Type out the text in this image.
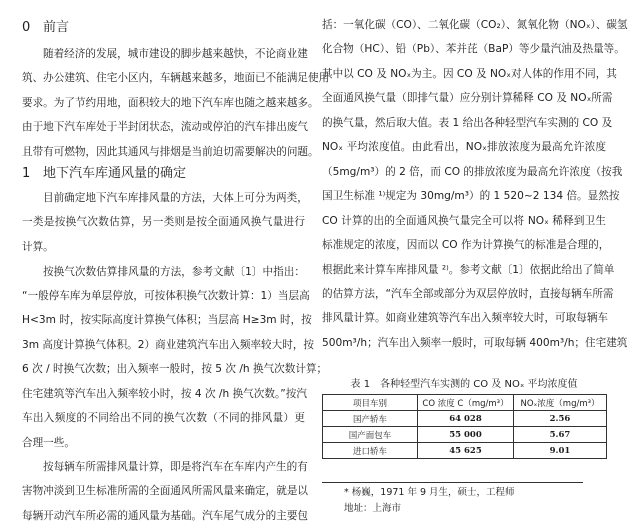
0 前言
1 地下汽车库通风量的确定
随着经济的发展，城市建设的脚步越来越快，不论商业建
筑、办公建筑、住宅小区内，车辆越来越多，地面已不能满足使用
要求。为了节约用地，面积较大的地下汽车库也随之越来越多。
由于地下汽车库处于半封闭状态，流动或停泊的汽车排出废气
且带有可燃物，因此其通风与排烟是当前迫切需要解决的问题。
目前确定地下汽车库排风量的方法，大体上可分为两类，
一类是按换气次数估算，另一类则是按全面通风换气量进行
计算。
按换气次数估算排风量的方法，参考文献〔1〕中指出：
“一般停车库为单层停放，可按体积换气次数计算：1）当层高
H<3m 时，按实际高度计算换气体积；当层高 H≥3m 时，按
3m 高度计算换气体积。2）商业建筑汽车出入频率较大时，按
6 次 / 时换气次数；出入频率一般时，按 5 次 /h 换气次数计算；
住宅建筑等汽车出入频率较小时，按 4 次 /h 换气次数。”按汽
车出入频度的不同给出不同的换气次数（不同的排风量）更
合理一些。
按每辆车所需排风量计算，即是将汽车在车库内产生的有
害物冲淡到卫生标准所需的全面通风所需风量来确定，就是以
每辆开动汽车所必需的通风量为基础。汽车尾气成分的主要包
括：一氧化碳（CO）、二氧化碳（CO₂）、氮氧化物（NOₓ）、碳氢
化合物（HC）、铅（Pb）、苯并芘（BaP）等少量汽油及热量等。
其中以 CO 及 NOₓ为主。因 CO 及 NOₓ对人体的作用不同，其
全面通风换气量（即排气量）应分别计算稀释 CO 及 NOₓ所需
的换气量，然后取大值。表 1 给出各种轻型汽车实测的 CO 及
NOₓ 平均浓度值。由此看出，NOₓ排放浓度为最高允许浓度
（5mg/m³）的 2 倍，而 CO 的排放浓度为最高允许浓度（按我
国卫生标准 ¹⁾规定为 30mg/m³）的 1 520~2 134 倍。显然按
CO 计算的出的全面通风换气量完全可以将 NOₓ 稀释到卫生
标准规定的浓度，因而以 CO 作为计算换气的标准是合理的，
根据此来计算车库排风量 ²⁾。参考文献〔1〕依据此给出了简单
的估算方法，“汽车全部或部分为双层停放时，直接每辆车所需
排风量计算。如商业建筑等汽车出入频率较大时，可取每辆车
500m³/h；汽车出入频率一般时，可取每辆 400m³/h；住宅建筑
表 1　各种轻型汽车实测的 CO 及 NOₓ 平均浓度值
项目车别	CO 浓度 C（mg/m³）	NOₓ浓度（mg/m³）
国产轿车	64 028	2.56
国产面包车	55 000	5.67
进口轿车	45 625	9.01
* 杨巍，1971 年 9 月生，硕士，工程师
地址：上海市
